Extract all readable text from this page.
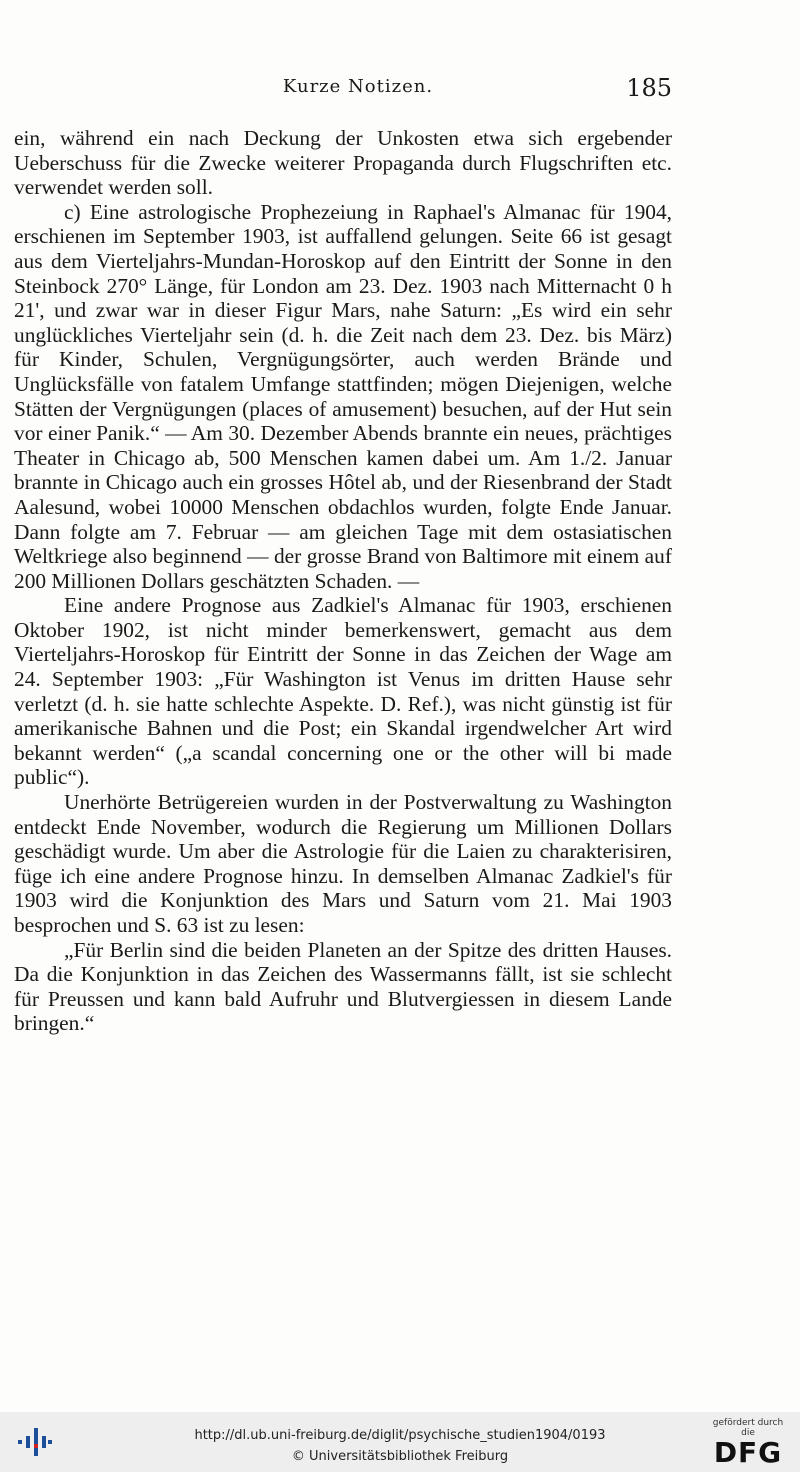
Kurze Notizen.	185

ein, während ein nach Deckung der Unkosten etwa sich ergebender Ueberschuss für die Zwecke weiterer Propaganda durch Flugschriften etc. verwendet werden soll.

c) Eine astrologische Prophezeiung in Raphael's Almanac für 1904, erschienen im September 1903, ist auffallend gelungen. Seite 66 ist gesagt aus dem Vierteljahrs-Mundan-Horoskop auf den Eintritt der Sonne in den Steinbock 270° Länge, für London am 23. Dez. 1903 nach Mitternacht 0 h 21', und zwar war in dieser Figur Mars, nahe Saturn: „Es wird ein sehr unglückliches Vierteljahr sein (d. h. die Zeit nach dem 23. Dez. bis März) für Kinder, Schulen, Vergnügungsörter, auch werden Brände und Unglücksfälle von fatalem Umfange stattfinden; mögen Diejenigen, welche Stätten der Vergnügungen (places of amusement) besuchen, auf der Hut sein vor einer Panik.“ — Am 30. Dezember Abends brannte ein neues, prächtiges Theater in Chicago ab, 500 Menschen kamen dabei um. Am 1./2. Januar brannte in Chicago auch ein grosses Hôtel ab, und der Riesenbrand der Stadt Aalesund, wobei 10000 Menschen obdachlos wurden, folgte Ende Januar. Dann folgte am 7. Februar — am gleichen Tage mit dem ostasiatischen Weltkriege also beginnend — der grosse Brand von Baltimore mit einem auf 200 Millionen Dollars geschätzten Schaden. —

Eine andere Prognose aus Zadkiel's Almanac für 1903, erschienen Oktober 1902, ist nicht minder bemerkenswert, gemacht aus dem Vierteljahrs-Horoskop für Eintritt der Sonne in das Zeichen der Wage am 24. September 1903: „Für Washington ist Venus im dritten Hause sehr verletzt (d. h. sie hatte schlechte Aspekte. D. Ref.), was nicht günstig ist für amerikanische Bahnen und die Post; ein Skandal irgendwelcher Art wird bekannt werden“ („a scandal concerning one or the other will bi made public“).

Unerhörte Betrügereien wurden in der Postverwaltung zu Washington entdeckt Ende November, wodurch die Regierung um Millionen Dollars geschädigt wurde. Um aber die Astrologie für die Laien zu charakterisiren, füge ich eine andere Prognose hinzu. In demselben Almanac Zadkiel's für 1903 wird die Konjunktion des Mars und Saturn vom 21. Mai 1903 besprochen und S. 63 ist zu lesen:

„Für Berlin sind die beiden Planeten an der Spitze des dritten Hauses. Da die Konjunktion in das Zeichen des Wassermanns fällt, ist sie schlecht für Preussen und kann bald Aufruhr und Blutvergiessen in diesem Lande bringen.“

http://dl.ub.uni-freiburg.de/diglit/psychische_studien1904/0193
© Universitätsbibliothek Freiburg
gefördert durch die
DFG
